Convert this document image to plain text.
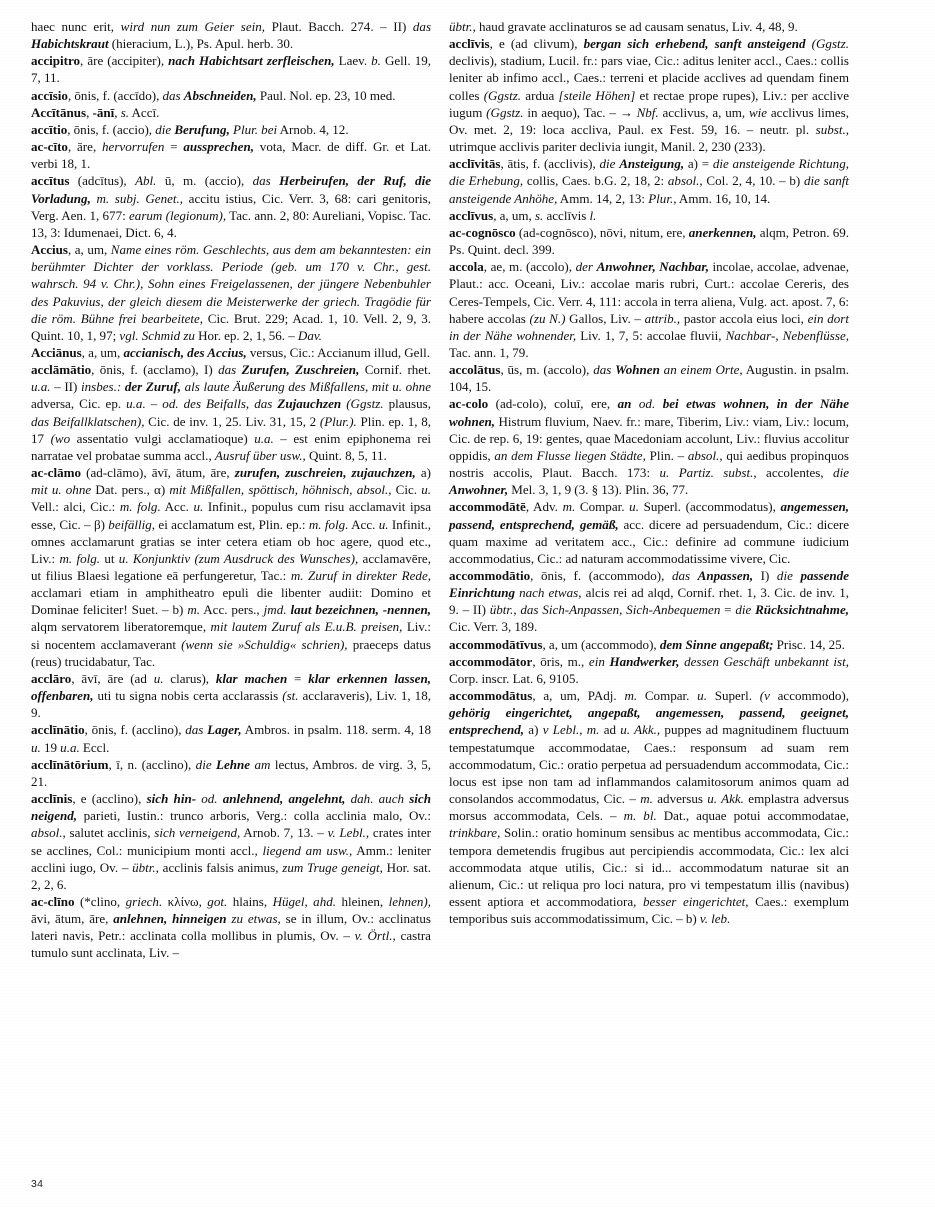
haec nunc erit, wird nun zum Geier sein, Plaut. Bacch. 274. – II) das Habichtskraut (hieracium, L.), Ps. Apul. herb. 30.

accipitro, āre (accipiter), nach Habichtsart zerfleischen, Laev. b. Gell. 19, 7, 11.

accīsio, ōnis, f. (accīdo), das Abschneiden, Paul. Nol. ep. 23, 10 med.

Accītānus, -ānī, s. Accī.

accītio, ōnis, f. (accio), die Berufung, Plur. bei Arnob. 4, 12.

ac-cīto, āre, hervorrufen = aussprechen, vota, Macr. de diff. Gr. et Lat. verbi 18, 1.

accītus (adcītus), Abl. ū, m. (accio), das Herbeirufen, der Ruf, die Vorladung, m. subj. Genet., accitu istius, Cic. Verr. 3, 68: cari genitoris, Verg. Aen. 1, 677: earum (legionum), Tac. ann. 2, 80: Aureliani, Vopisc. Tac. 13, 3: Idumenaei, Dict. 6, 4.

Accius, a, um, Name eines röm. Geschlechts, aus dem am bekanntesten: ein berühmter Dichter der vorklass. Periode (geb. um 170 v. Chr., gest. wahrsch. 94 v. Chr.), Sohn eines Freigelassenen, der jüngere Nebenbuhler des Pakuvius, der gleich diesem die Meisterwerke der griech. Tragödie für die röm. Bühne frei bearbeitete, Cic. Brut. 229; Acad. 1, 10. Vell. 2, 9, 3. Quint. 10, 1, 97; vgl. Schmid zu Hor. ep. 2, 1, 56. – Dav.

Acciānus, a, um, accianisch, des Accius, versus, Cic.: Accianum illud, Gell.

acclāmātio, ōnis, f. (acclamo), I) das Zurufen, Zuschreien, Cornif. rhet. u.a. – II) insbes.: der Zuruf, als laute Äußerung des Mißfallens, mit u. ohne adversa, Cic. ep. u.a. – od. des Beifalls, das Zujauchzen (Ggstz. plausus, das Beifallklatschen), Cic. de inv. 1, 25. Liv. 31, 15, 2 (Plur.). Plin. ep. 1, 8, 17 (wo assentatio vulgi acclamatioque) u.a. – est enim epiphonema rei narratae vel probatae summa accl., Ausruf über usw., Quint. 8, 5, 11.

ac-clāmo (ad-clāmo), āvī, ātum, āre, zurufen, zuschreien, zujauchzen, a) mit u. ohne Dat. pers., α) mit Mißfallen, spöttisch, höhnisch, absol., Cic. u. Vell.: alci, Cic.: m. folg. Acc. u. Infinit., populus cum risu acclamavit ipsa esse, Cic. – β) beifällig, ei acclamatum est, Plin. ep.: m. folg. Acc. u. Infinit., omnes acclamarunt gratias se inter cetera etiam ob hoc agere, quod etc., Liv.: m. folg. ut u. Konjunktiv (zum Ausdruck des Wunsches), acclamavēre, ut filius Blaesi legatione eā perfungeretur, Tac.: m. Zuruf in direkter Rede, acclamari etiam in amphitheatro epuli die libenter audiit: Domino et Dominae feliciter! Suet. – b) m. Acc. pers., jmd. laut bezeichnen, -nennen, alqm servatorem liberatoremque, mit lautem Zuruf als E.u.B. preisen, Liv.: si nocentem acclamaverant (wenn sie »Schuldig« schrien), praeceps datus (reus) trucidabatur, Tac.

acclāro, āvī, āre (ad u. clarus), klar machen = klar erkennen lassen, offenbaren, uti tu signa nobis certa acclarassis (st. acclaraveris), Liv. 1, 18, 9.

acclīnātio, ōnis, f. (acclino), das Lager, Ambros. in psalm. 118. serm. 4, 18 u. 19 u.a. Eccl.

acclīnātōrium, ī, n. (acclino), die Lehne am lectus, Ambros. de virg. 3, 5, 21.

acclīnis, e (acclino), sich hin- od. anlehnend, angelehnt, dah. auch sich neigend, parieti, Iustin.: trunco arboris, Verg.: colla acclinia malo, Ov.: absol., salutet acclinis, sich verneigend, Arnob. 7, 13. – v. Lebl., crates inter se acclines, Col.: municipium monti accl., liegend am usw., Amm.: leniter acclini iugo, Ov. – übtr., acclinis falsis animus, zum Truge geneigt, Hor. sat. 2, 2, 6.

ac-clīno (*clino, griech. κλίνω, got. hlains, Hügel, ahd. hleinen, lehnen), āvi, ātum, āre, anlehnen, hinneigen zu etwas, se in illum, Ov.: acclinatus lateri navis, Petr.: acclinata colla mollibus in plumis, Ov. – v. Örtl., castra tumulo sunt acclinata, Liv. –

übtr., haud gravate acclinaturos se ad causam senatus, Liv. 4, 48, 9.

acclīvis, e (ad clivum), bergan sich erhebend, sanft ansteigend (Ggstz. declivis), stadium, Lucil. fr.: pars viae, Cic.: aditus leniter accl., Caes.: collis leniter ab infimo accl., Caes.: terreni et placide acclives ad quendam finem colles (Ggstz. ardua [steile Höhen] et rectae prope rupes), Liv.: per acclive iugum (Ggstz. in aequo), Tac. – → Nbf. acclivus, a, um, wie acclivus limes, Ov. met. 2, 19: loca accliva, Paul. ex Fest. 59, 16. – neutr. pl. subst., utrimque acclivis pariter declivia iungit, Manil. 2, 230 (233).

acclīvitās, ātis, f. (acclivis), die Ansteigung, a) = die ansteigende Richtung, die Erhebung, collis, Caes. b.G. 2, 18, 2: absol., Col. 2, 4, 10. – b) die sanft ansteigende Anhöhe, Amm. 14, 2, 13: Plur., Amm. 16, 10, 14.

acclīvus, a, um, s. acclīvis l.

ac-cognōsco (ad-cognōsco), nōvi, nitum, ere, anerkennen, alqm, Petron. 69. Ps. Quint. decl. 399.

accola, ae, m. (accolo), der Anwohner, Nachbar, incolae, accolae, advenae, Plaut.: acc. Oceani, Liv.: accolae maris rubri, Curt.: accolae Cereris, des Ceres-Tempels, Cic. Verr. 4, 111: accola in terra aliena, Vulg. act. apost. 7, 6: habere accolas (zu N.) Gallos, Liv. – attrib., pastor accola eius loci, ein dort in der Nähe wohnender, Liv. 1, 7, 5: accolae fluvii, Nachbar-, Nebenflüsse, Tac. ann. 1, 79.

accolātus, ūs, m. (accolo), das Wohnen an einem Orte, Augustin. in psalm. 104, 15.

ac-colo (ad-colo), coluī, ere, an od. bei etwas wohnen, in der Nähe wohnen, Histrum fluvium, Naev. fr.: mare, Tiberim, Liv.: viam, Liv.: locum, Cic. de rep. 6, 19: gentes, quae Macedoniam accolunt, Liv.: fluvius accolitur oppidis, an dem Flusse liegen Städte, Plin. – absol., qui aedibus propinquos nostris accolis, Plaut. Bacch. 173: u. Partiz. subst., accolentes, die Anwohner, Mel. 3, 1, 9 (3. § 13). Plin. 36, 77.

accommodātē, Adv. m. Compar. u. Superl. (accommodatus), angemessen, passend, entsprechend, gemäß, acc. dicere ad persuadendum, Cic.: dicere quam maxime ad veritatem acc., Cic.: definire ad commune iudicium accommodatius, Cic.: ad naturam accommodatissime vivere, Cic.

accommodātio, ōnis, f. (accommodo), das Anpassen, I) die passende Einrichtung nach etwas, alcis rei ad alqd, Cornif. rhet. 1, 3. Cic. de inv. 1, 9. – II) übtr., das Sich-Anpassen, Sich-Anbequemen = die Rücksichtnahme, Cic. Verr. 3, 189.

accommodātīvus, a, um (accommodo), dem Sinne angepaßt; Prisc. 14, 25.

accommodātor, ōris, m., ein Handwerker, dessen Geschäft unbekannt ist, Corp. inscr. Lat. 6, 9105.

accommodātus, a, um, PAdj. m. Compar. u. Superl. (v accommodo), gehörig eingerichtet, angepaßt, angemessen, passend, geeignet, entsprechend, a) v Lebl., m. ad u. Akk., puppes ad magnitudinem fluctuum tempestatumque accommodatae, Caes.: responsum ad suam rem accommodatum, Cic.: oratio perpetua ad persuadendum accommodata, Cic.: locus est ipse non tam ad inflammandos calamitosorum animos quam ad consolandos accommodatus, Cic. – m. adversus u. Akk. emplastra adversus morsus accommodata, Cels. – m. bl. Dat., aquae potui accommodatae, trinkbare, Solin.: oratio hominum sensibus ac mentibus accommodata, Cic.: tempora demetendis frugibus aut percipiendis accommodata, Cic.: lex alci accommodata atque utilis, Cic.: si id... accommodatum naturae sit an alienum, Cic.: ut reliqua pro loci natura, pro vi tempestatum illis (navibus) essent aptiora et accommodatiora, besser eingerichtet, Caes.: exemplum temporibus suis accommodatissimum, Cic. – b) v. leb.

34
